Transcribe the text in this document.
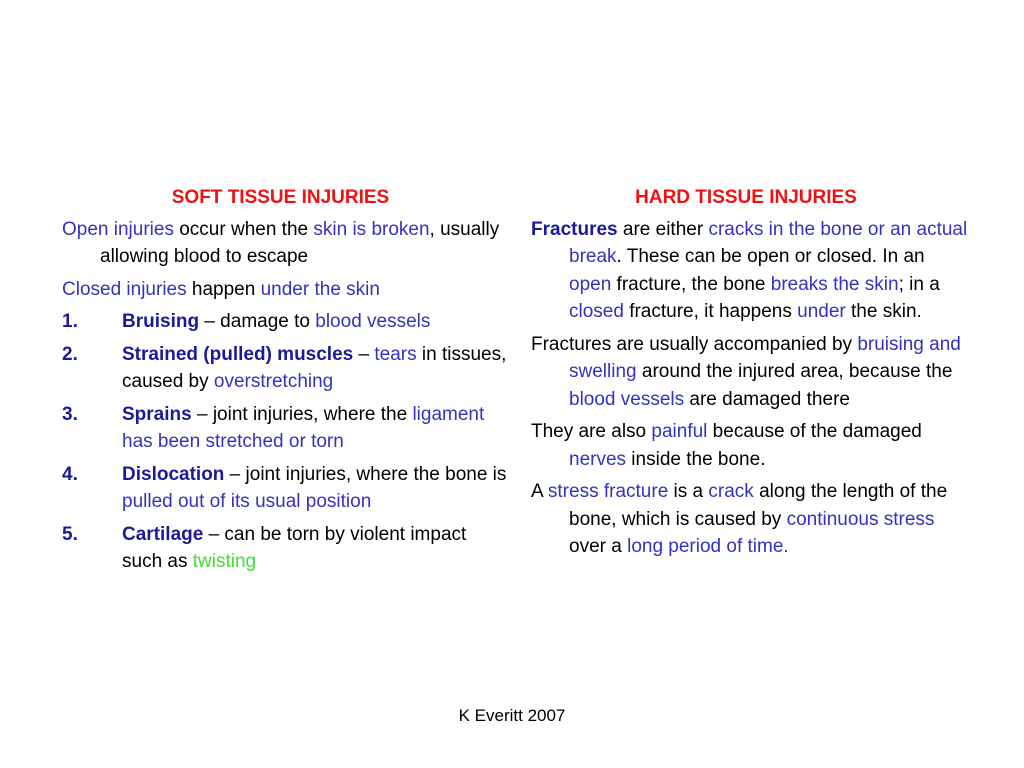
SOFT TISSUE INJURIES
Open injuries occur when the skin is broken, usually allowing blood to escape
Closed injuries happen under the skin
1. Bruising – damage to blood vessels
2. Strained (pulled) muscles – tears in tissues, caused by overstretching
3. Sprains – joint injuries, where the ligament has been stretched or torn
4. Dislocation – joint injuries, where the bone is pulled out of its usual position
5. Cartilage – can be torn by violent impact such as twisting
HARD TISSUE INJURIES
Fractures are either cracks in the bone or an actual break. These can be open or closed. In an open fracture, the bone breaks the skin; in a closed fracture, it happens under the skin.
Fractures are usually accompanied by bruising and swelling around the injured area, because the blood vessels are damaged there
They are also painful because of the damaged nerves inside the bone.
A stress fracture is a crack along the length of the bone, which is caused by continuous stress over a long period of time.
K Everitt 2007
